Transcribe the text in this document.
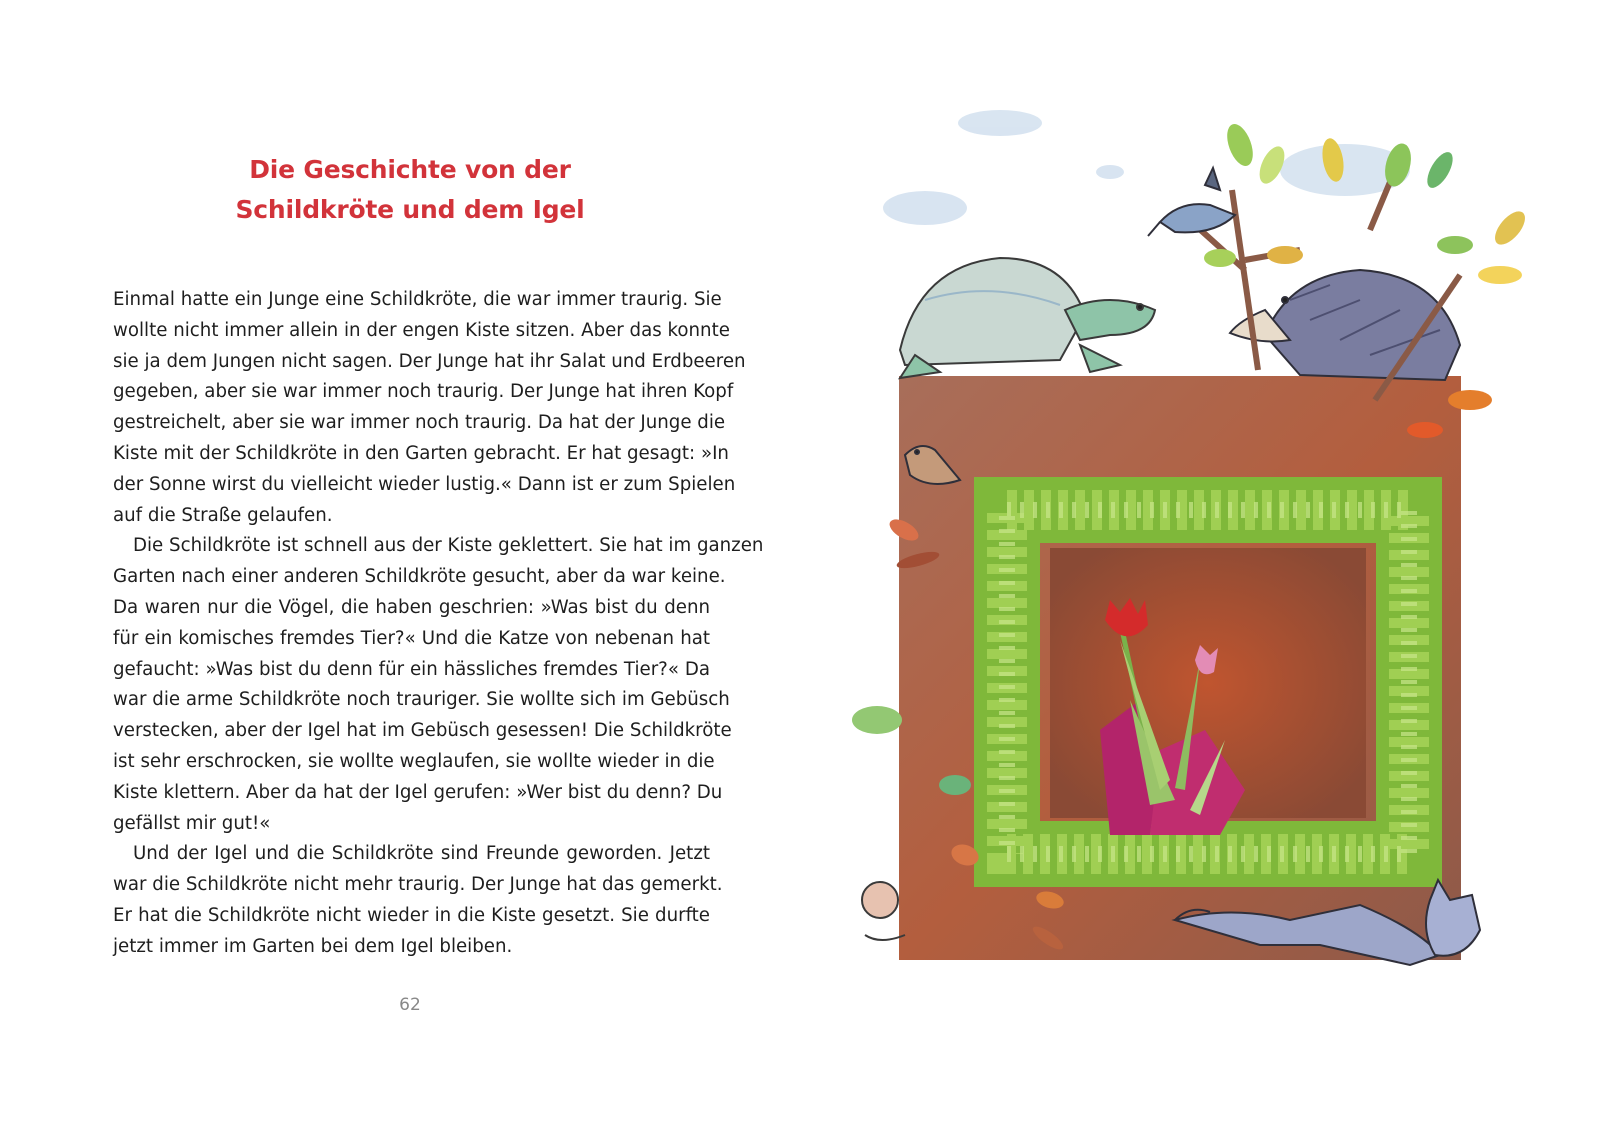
Die Geschichte von der
Schildkröte und dem Igel
Einmal hatte ein Junge eine Schildkröte, die war immer traurig. Sie
wollte nicht immer allein in der engen Kiste sitzen. Aber das konnte
sie ja dem Jungen nicht sagen. Der Junge hat ihr Salat und Erdbeeren
gegeben, aber sie war immer noch traurig. Der Junge hat ihren Kopf
gestreichelt, aber sie war immer noch traurig. Da hat der Junge die
Kiste mit der Schildkröte in den Garten gebracht. Er hat gesagt: »In
der Sonne wirst du vielleicht wieder lustig.« Dann ist er zum Spielen
auf die Straße gelaufen.
Die Schildkröte ist schnell aus der Kiste geklettert. Sie hat im ganzen
Garten nach einer anderen Schildkröte gesucht, aber da war keine.
Da waren nur die Vögel, die haben geschrien: »Was bist du denn
für ein komisches fremdes Tier?« Und die Katze von nebenan hat
gefaucht: »Was bist du denn für ein hässliches fremdes Tier?« Da
war die arme Schildkröte noch trauriger. Sie wollte sich im Gebüsch
verstecken, aber der Igel hat im Gebüsch gesessen! Die Schildkröte
ist sehr erschrocken, sie wollte weglaufen, sie wollte wieder in die
Kiste klettern. Aber da hat der Igel gerufen: »Wer bist du denn? Du
gefällst mir gut!«
Und der Igel und die Schildkröte sind Freunde geworden. Jetzt
war die Schildkröte nicht mehr traurig. Der Junge hat das gemerkt.
Er hat die Schildkröte nicht wieder in die Kiste gesetzt. Sie durfte
jetzt immer im Garten bei dem Igel bleiben.
62
